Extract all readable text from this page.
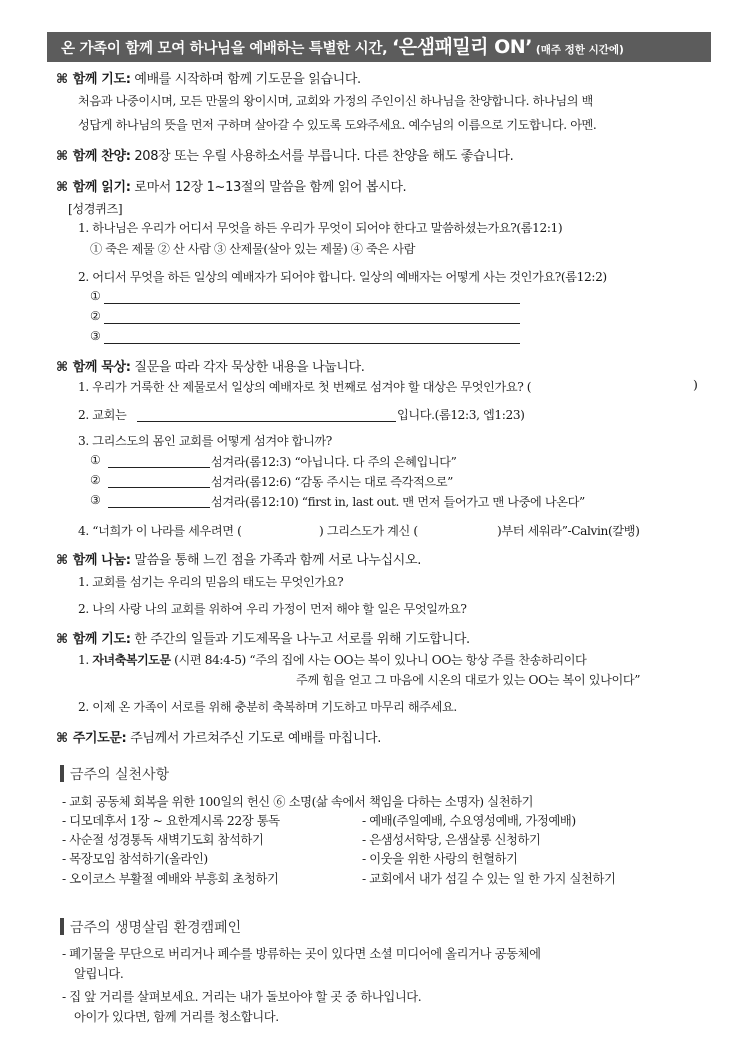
온 가족이 함께 모여 하나님을 예배하는 특별한 시간, ‘은샘패밀리 ON’ (매주 정한 시간에)
⌘ 함께 기도: 예배를 시작하며 함께 기도문을 읽습니다.
처음과 나중이시며, 모든 만물의 왕이시며, 교회와 가정의 주인이신 하나님을 찬양합니다. 하나님의 백
성답게 하나님의 뜻을 먼저 구하며 살아갈 수 있도록 도와주세요. 예수님의 이름으로 기도합니다. 아멘.
⌘ 함께 찬양: 208장 또는 우릴 사용하소서를 부릅니다. 다른 찬양을 해도 좋습니다.
⌘ 함께 읽기: 로마서 12장 1~13절의 말씀을 함께 읽어 봅시다.
[성경퀴즈]
1. 하나님은 우리가 어디서 무엇을 하든 우리가 무엇이 되어야 한다고 말씀하셨는가요?(롬12:1)
① 죽은 제물 ② 산 사람 ③ 산제물(살아 있는 제물) ④ 죽은 사람
2. 어디서 무엇을 하든 일상의 예배자가 되어야 합니다. 일상의 예배자는 어떻게 사는 것인가요?(롬12:2)
①
②
③
⌘ 함께 묵상: 질문을 따라 각자 묵상한 내용을 나눕니다.
1. 우리가 거룩한 산 제물로서 일상의 예배자로 첫 번째로 섬겨야 할 대상은 무엇인가요? (	)
2. 교회는	입니다.(롬12:3, 엡1:23)
3. 그리스도의 몸인 교회를 어떻게 섬겨야 합니까?
①	섬겨라(롬12:3) “아닙니다. 다 주의 은혜입니다”
②	섬겨라(롬12:6) “감동 주시는 대로 즉각적으로”
③	섬겨라(롬12:10) “first in, last out. 맨 먼저 들어가고 맨 나중에 나온다”
4. “너희가 이 나라를 세우려면 (	) 그리스도가 계신 (	)부터 세워라”-Calvin(칼뱅)
⌘ 함께 나눔: 말씀을 통해 느낀 점을 가족과 함께 서로 나누십시오.
1. 교회를 섬기는 우리의 믿음의 태도는 무엇인가요?
2. 나의 사랑 나의 교회를 위하여 우리 가정이 먼저 해야 할 일은 무엇일까요?
⌘ 함께 기도: 한 주간의 일들과 기도제목을 나누고 서로를 위해 기도합니다.
1. 자녀축복기도문 (시편 84:4-5) “주의 집에 사는 OO는 복이 있나니 OO는 항상 주를 찬송하리이다
주께 힘을 얻고 그 마음에 시온의 대로가 있는 OO는 복이 있나이다”
2. 이제 온 가족이 서로를 위해 충분히 축복하며 기도하고 마무리 해주세요.
⌘ 주기도문: 주님께서 가르쳐주신 기도로 예배를 마칩니다.
금주의 실천사항
- 교회 공동체 회복을 위한 100일의 헌신 ⑥ 소명(삶 속에서 책임을 다하는 소명자) 실천하기
- 디모데후서 1장 ~ 요한계시록 22장 통독	- 예배(주일예배, 수요영성예배, 가정예배)
- 사순절 성경통독 새벽기도회 참석하기	- 은샘성서학당, 은샘살롱 신청하기
- 목장모임 참석하기(올라인)	- 이웃을 위한 사랑의 헌혈하기
- 오이코스 부활절 예배와 부흥회 초청하기	- 교회에서 내가 섬길 수 있는 일 한 가지 실천하기
금주의 생명살림 환경캠페인
- 폐기물을 무단으로 버리거나 폐수를 방류하는 곳이 있다면 소셜 미디어에 올리거나 공동체에
알립니다.
- 집 앞 거리를 살펴보세요. 거리는 내가 돌보아야 할 곳 중 하나입니다.
아이가 있다면, 함께 거리를 청소합니다.
